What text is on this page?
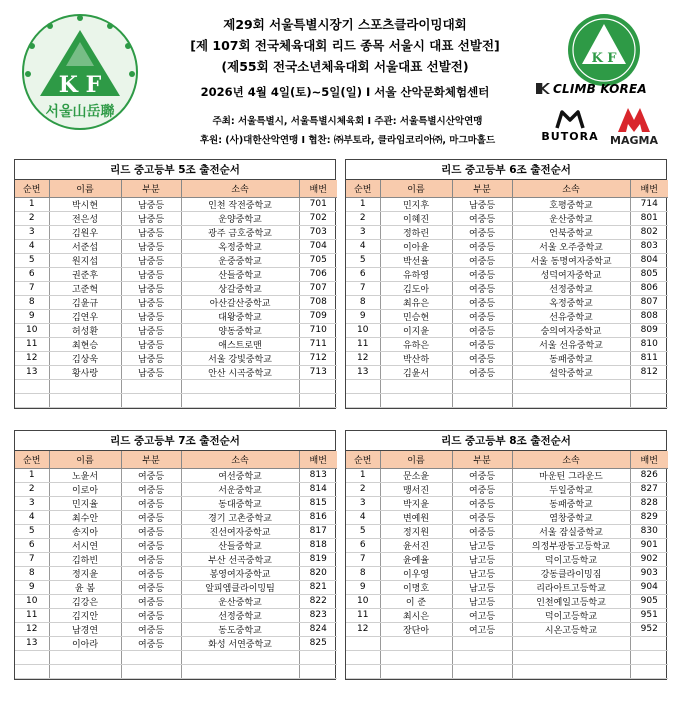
K F
서울山岳聯
제29회 서울특별시장기 스포츠클라이밍대회
[제 107회 전국체육대회 리드 종목 서울시 대표 선발전]
(제55회 전국소년체육대회 서울대표 선발전)
2026년 4월 4일(토)~5일(일) I 서울 산악문화체험센터
주최: 서울특별시, 서울특별시체육회 I 주관: 서울특별시산악연맹
후원: (사)대한산악연맹 I 협찬: ㈜부토라, 클라임코리아㈜, 마그마홀드
K F
CLIMB KOREA
BUTORA	MAGMA
리드 중고등부 5조 출전순서
순번	이름	부분	소속	배번
1	박시현	남중등	인천 작전중학교	701
2	전은성	남중등	운양중학교	702
3	김원우	남중등	광주 금호중학교	703
4	서준섭	남중등	옥정중학교	704
5	원지섭	남중등	운중중학교	705
6	권준후	남중등	산들중학교	706
7	고준혁	남중등	상갈중학교	707
8	김윤규	남중등	아산갈산중학교	708
9	김연우	남중등	대왕중학교	709
10	허성환	남중등	양동중학교	710
11	최현승	남중등	애스트로맨	711
12	김상욱	남중등	서울 강빛중학교	712
13	황사랑	남중등	안산 시곡중학교	713

리드 중고등부 6조 출전순서
순번	이름	부분	소속	배번
1	민지후	남중등	호평중학교	714
2	이혜진	여중등	운산중학교	801
3	정하린	여중등	언북중학교	802
4	이아윤	여중등	서울 오주중학교	803
5	박선율	여중등	서울 동명여자중학교	804
6	유하영	여중등	성덕여자중학교	805
7	김도아	여중등	선정중학교	806
8	최유은	여중등	옥정중학교	807
9	민승현	여중등	선유중학교	808
10	이지윤	여중등	숭의여자중학교	809
11	유하은	여중등	서울 선유중학교	810
12	박산하	여중등	동패중학교	811
13	김윤서	여중등	설악중학교	812

리드 중고등부 7조 출전순서
순번	이름	부분	소속	배번
1	노윤서	여중등	여선중학교	813
2	이로아	여중등	서운중학교	814
3	민지율	여중등	동대중학교	815
4	최수안	여중등	경기 고촌중학교	816
5	송지아	여중등	진선여자중학교	817
6	서시연	여중등	산들중학교	818
7	김하빈	여중등	부산 선곡중학교	819
8	정지윤	여중등	봉영여자중학교	820
9	윤 봄	여중등	알피엠클라이밍팀	821
10	김강은	여중등	운산중학교	822
11	김지안	여중등	선정중학교	823
12	남경연	여중등	동도중학교	824
13	이아라	여중등	화성 서연중학교	825

리드 중고등부 8조 출전순서
순번	이름	부분	소속	배번
1	문소윤	여중등	마운틴 그라운드	826
2	맹서진	여중등	두일중학교	827
3	박지윤	여중등	동패중학교	828
4	변예원	여중등	염창중학교	829
5	정지원	여중등	서울 잠실중학교	830
6	윤서진	남고등	의정부광동고등학교	901
7	윤예율	남고등	덕이고등학교	902
8	이우영	남고등	강동클라이밍짐	903
9	이명호	남고등	리라아트고등학교	904
10	이 준	남고등	인천예일고등학교	905
11	최시은	여고등	덕이고등학교	951
12	장단아	여고등	시온고등학교	952
